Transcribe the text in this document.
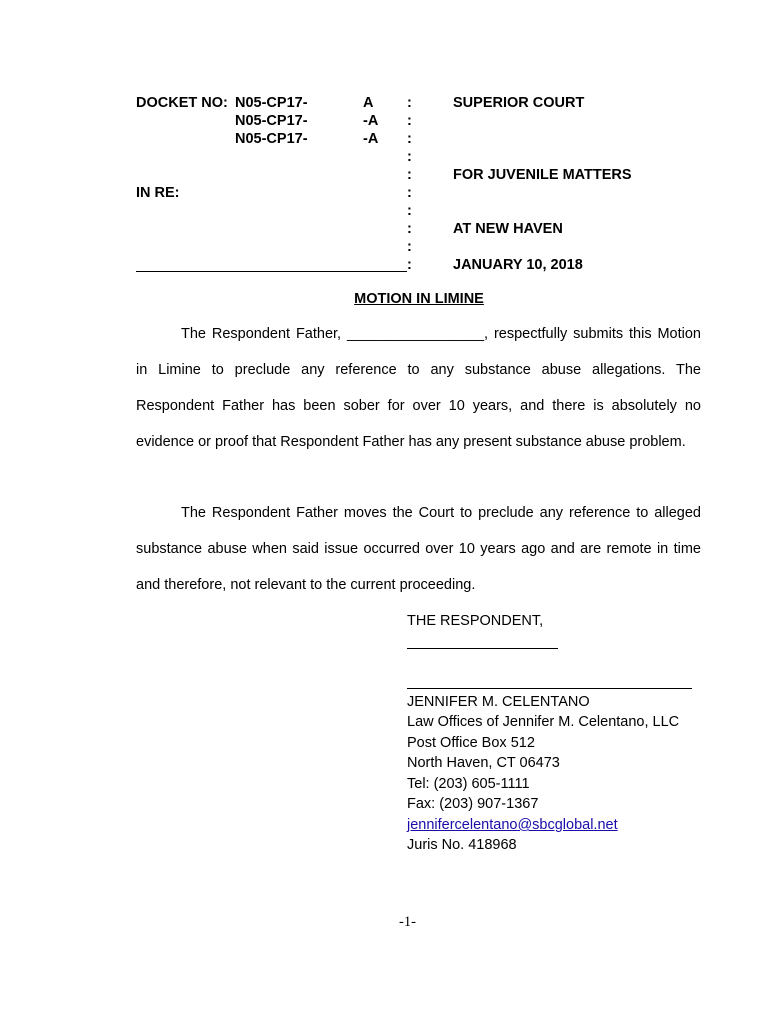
DOCKET NO: N05-CP17-
N05-CP17-
N05-CP17-
A
-A
-A
IN RE:
:
:
:
:
:
:
:
:
:
:
SUPERIOR COURT
FOR JUVENILE MATTERS
AT NEW HAVEN
JANUARY 10, 2018
MOTION IN LIMINE

The Respondent Father, _________________, respectfully submits this Motion in Limine to preclude any reference to any substance abuse allegations. The Respondent Father has been sober for over 10 years, and there is absolutely no evidence or proof that Respondent Father has any present substance abuse problem.

The Respondent Father moves the Court to preclude any reference to alleged substance abuse when said issue occurred over 10 years ago and are remote in time and therefore, not relevant to the current proceeding.

THE RESPONDENT,
JENNIFER M. CELENTANO
Law Offices of Jennifer M. Celentano, LLC
Post Office Box 512
North Haven, CT 06473
Tel: (203) 605-1111
Fax: (203) 907-1367
jennifercelentano@sbcglobal.net
Juris No. 418968
-1-
